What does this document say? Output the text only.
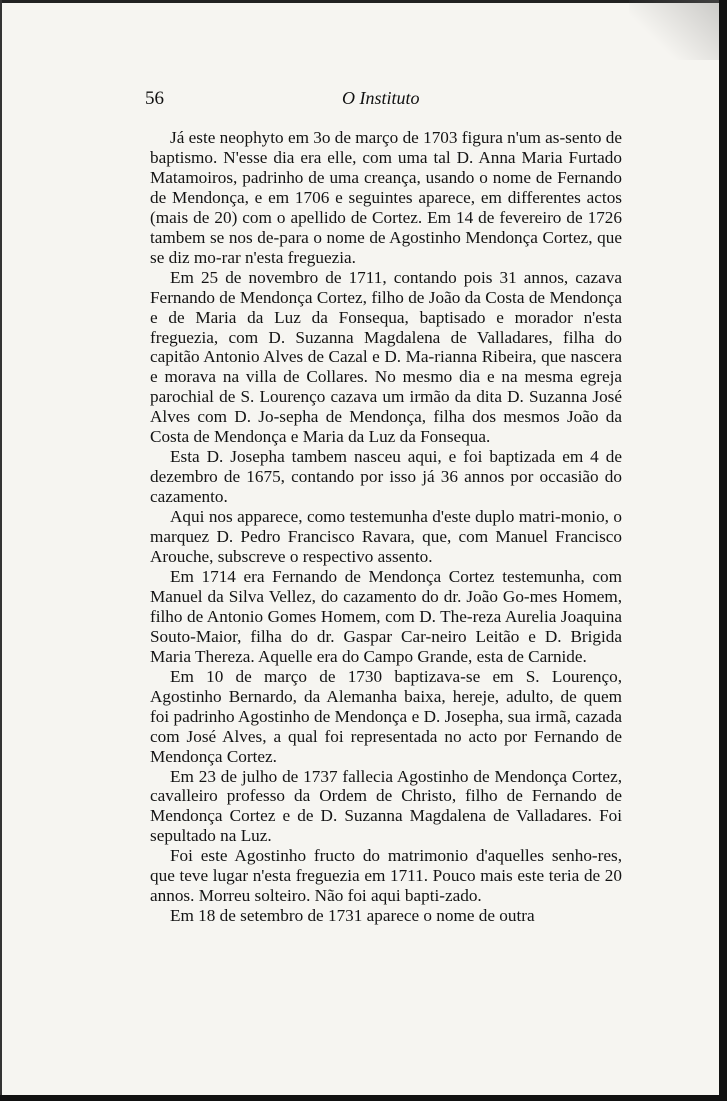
56	O Instituto

Já este neophyto em 3o de março de 1703 figura n'um as-sento de baptismo. N'esse dia era elle, com uma tal D. Anna Maria Furtado Matamoiros, padrinho de uma creança, usando o nome de Fernando de Mendonça, e em 1706 e seguintes aparece, em differentes actos (mais de 20) com o apellido de Cortez. Em 14 de fevereiro de 1726 tambem se nos de-para o nome de Agostinho Mendonça Cortez, que se diz mo-rar n'esta freguezia.

Em 25 de novembro de 1711, contando pois 31 annos, cazava Fernando de Mendonça Cortez, filho de João da Costa de Mendonça e de Maria da Luz da Fonsequa, baptisado e morador n'esta freguezia, com D. Suzanna Magdalena de Valladares, filha do capitão Antonio Alves de Cazal e D. Ma-rianna Ribeira, que nascera e morava na villa de Collares. No mesmo dia e na mesma egreja parochial de S. Lourenço cazava um irmão da dita D. Suzanna José Alves com D. Jo-sepha de Mendonça, filha dos mesmos João da Costa de Mendonça e Maria da Luz da Fonsequa.

Esta D. Josepha tambem nasceu aqui, e foi baptizada em 4 de dezembro de 1675, contando por isso já 36 annos por occasião do cazamento.

Aqui nos apparece, como testemunha d'este duplo matri-monio, o marquez D. Pedro Francisco Ravara, que, com Manuel Francisco Arouche, subscreve o respectivo assento.

Em 1714 era Fernando de Mendonça Cortez testemunha, com Manuel da Silva Vellez, do cazamento do dr. João Go-mes Homem, filho de Antonio Gomes Homem, com D. The-reza Aurelia Joaquina Souto-Maior, filha do dr. Gaspar Car-neiro Leitão e D. Brigida Maria Thereza. Aquelle era do Campo Grande, esta de Carnide.

Em 10 de março de 1730 baptizava-se em S. Lourenço, Agostinho Bernardo, da Alemanha baixa, hereje, adulto, de quem foi padrinho Agostinho de Mendonça e D. Josepha, sua irmã, cazada com José Alves, a qual foi representada no acto por Fernando de Mendonça Cortez.

Em 23 de julho de 1737 fallecia Agostinho de Mendonça Cortez, cavalleiro professo da Ordem de Christo, filho de Fernando de Mendonça Cortez e de D. Suzanna Magdalena de Valladares. Foi sepultado na Luz.

Foi este Agostinho fructo do matrimonio d'aquelles senho-res, que teve lugar n'esta freguezia em 1711. Pouco mais este teria de 20 annos. Morreu solteiro. Não foi aqui bapti-zado.

Em 18 de setembro de 1731 aparece o nome de outra
